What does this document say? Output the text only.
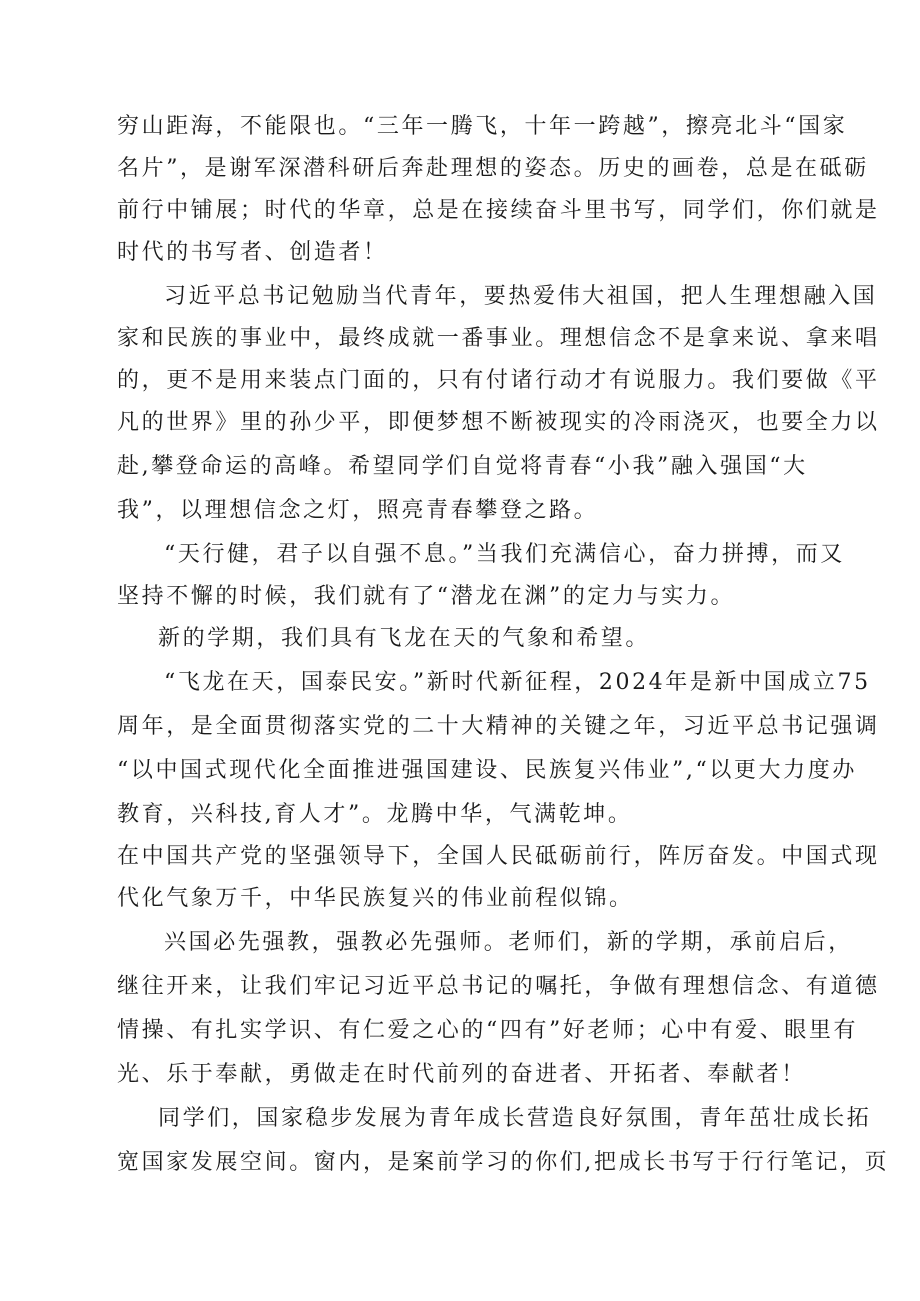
穷山距海，不能限也。“三年一腾飞，十年一跨越”，擦亮北斗“国家

名片”，是谢军深潜科研后奔赴理想的姿态。历史的画卷，总是在砥砺

前行中铺展；时代的华章，总是在接续奋斗里书写，同学们，你们就是

时代的书写者、创造者！

习近平总书记勉励当代青年，要热爱伟大祖国，把人生理想融入国

家和民族的事业中，最终成就一番事业。理想信念不是拿来说、拿来唱

的，更不是用来装点门面的，只有付诸行动才有说服力。我们要做《平

凡的世界》里的孙少平，即便梦想不断被现实的冷雨浇灭，也要全力以

赴,攀登命运的高峰。希望同学们自觉将青春“小我”融入强国“大

我”，以理想信念之灯，照亮青春攀登之路。

“天行健，君子以自强不息。”当我们充满信心，奋力拼搏，而又

坚持不懈的时候，我们就有了“潜龙在渊”的定力与实力。

新的学期，我们具有飞龙在天的气象和希望。

“飞龙在天，国泰民安。”新时代新征程，2024年是新中国成立75

周年，是全面贯彻落实党的二十大精神的关键之年，习近平总书记强调

“以中国式现代化全面推进强国建设、民族复兴伟业”,“以更大力度办

教育，兴科技,育人才”。龙腾中华，气满乾坤。

在中国共产党的坚强领导下，全国人民砥砺前行，阵厉奋发。中国式现

代化气象万千，中华民族复兴的伟业前程似锦。

兴国必先强教，强教必先强师。老师们，新的学期，承前启后，

继往开来，让我们牢记习近平总书记的嘱托，争做有理想信念、有道德

情操、有扎实学识、有仁爱之心的“四有”好老师；心中有爱、眼里有

光、乐于奉献，勇做走在时代前列的奋进者、开拓者、奉献者！

同学们，国家稳步发展为青年成长营造良好氛围，青年茁壮成长拓

宽国家发展空间。窗内，是案前学习的你们,把成长书写于行行笔记，页
